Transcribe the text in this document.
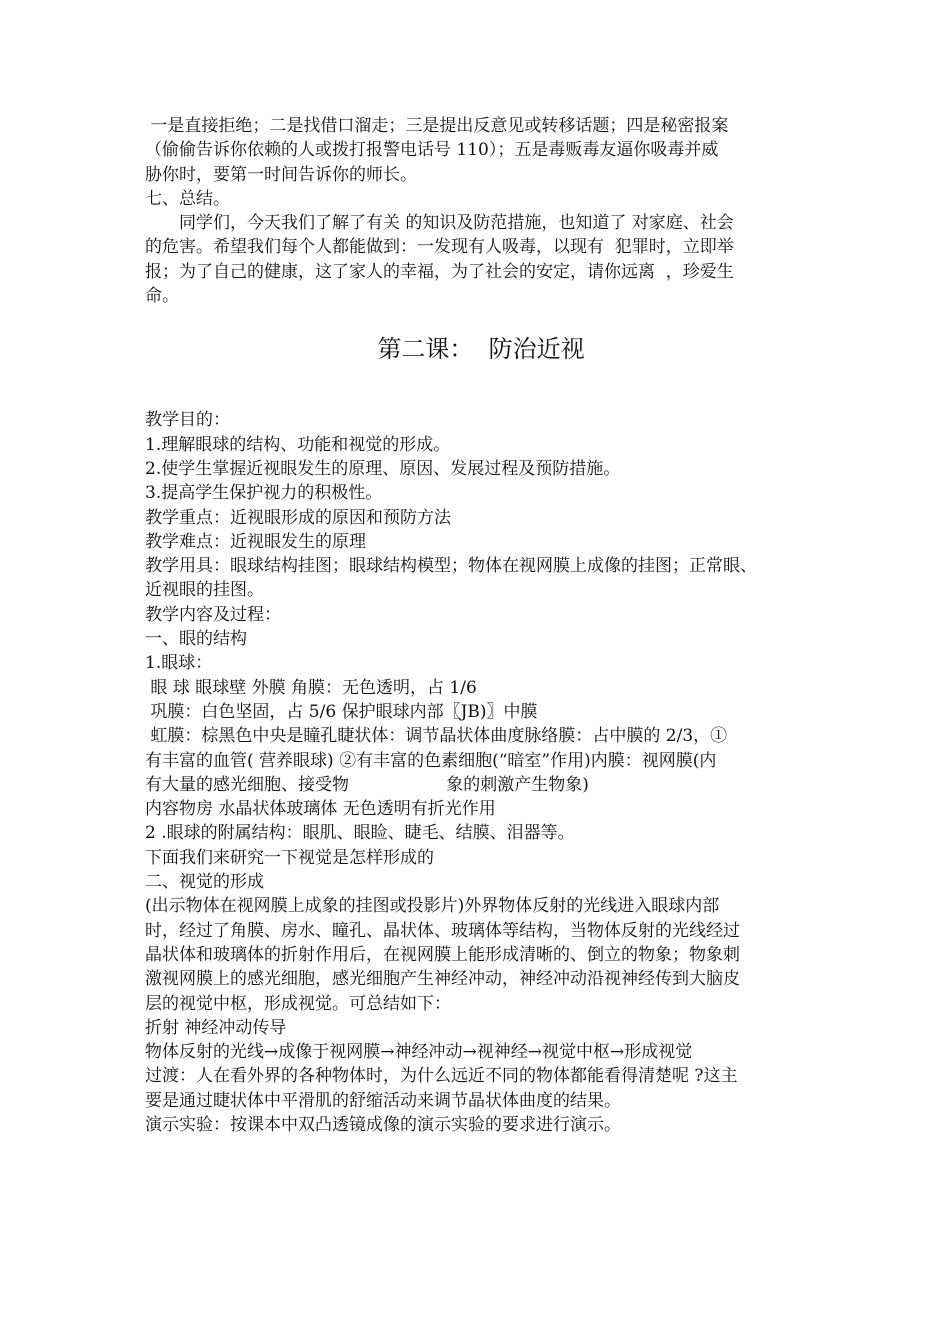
一是直接拒绝；二是找借口溜走；三是提出反意见或转移话题；四是秘密报案
（偷偷告诉你依赖的人或拨打报警电话号 110）；五是毒贩毒友逼你吸毒并威
胁你时，要第一时间告诉你的师长。
七、总结。
　　同学们，今天我们了解了有关 的知识及防范措施，也知道了 对家庭、社会
的危害。希望我们每个人都能做到：一发现有人吸毒，以现有  犯罪时，立即举
报；为了自己的健康，这了家人的幸福，为了社会的安定，请你远离  ，珍爱生
命。
第二课：  防治近视
教学目的：
1.理解眼球的结构、功能和视觉的形成。
2.使学生掌握近视眼发生的原理、原因、发展过程及预防措施。
3.提高学生保护视力的积极性。
教学重点：近视眼形成的原因和预防方法
教学难点：近视眼发生的原理
教学用具：眼球结构挂图；眼球结构模型；物体在视网膜上成像的挂图；正常眼、
近视眼的挂图。
教学内容及过程：
一、眼的结构
1.眼球：
眼 球 眼球壁 外膜 角膜：无色透明，占 1/6
巩膜：白色坚固，占 5/6 保护眼球内部〖JB)〗中膜
虹膜：棕黑色中央是瞳孔睫状体：调节晶状体曲度脉络膜：占中膜的 2/3，①
有丰富的血管( 营养眼球) ②有丰富的色素细胞(“暗室”作用)内膜：视网膜(内
有大量的感光细胞、接受物                  象的刺激产生物象)
内容物房 水晶状体玻璃体 无色透明有折光作用
2 .眼球的附属结构：眼肌、眼睑、睫毛、结膜、泪器等。
下面我们来研究一下视觉是怎样形成的
二、视觉的形成
(出示物体在视网膜上成象的挂图或投影片)外界物体反射的光线进入眼球内部
时，经过了角膜、房水、瞳孔、晶状体、玻璃体等结构，当物体反射的光线经过
晶状体和玻璃体的折射作用后，在视网膜上能形成清晰的、倒立的物象；物象刺
激视网膜上的感光细胞，感光细胞产生神经冲动，神经冲动沿视神经传到大脑皮
层的视觉中枢，形成视觉。可总结如下：
折射 神经冲动传导
物体反射的光线→成像于视网膜→神经冲动→视神经→视觉中枢→形成视觉
过渡：人在看外界的各种物体时，为什么远近不同的物体都能看得清楚呢 ?这主
要是通过睫状体中平滑肌的舒缩活动来调节晶状体曲度的结果。
演示实验：按课本中双凸透镜成像的演示实验的要求进行演示。
